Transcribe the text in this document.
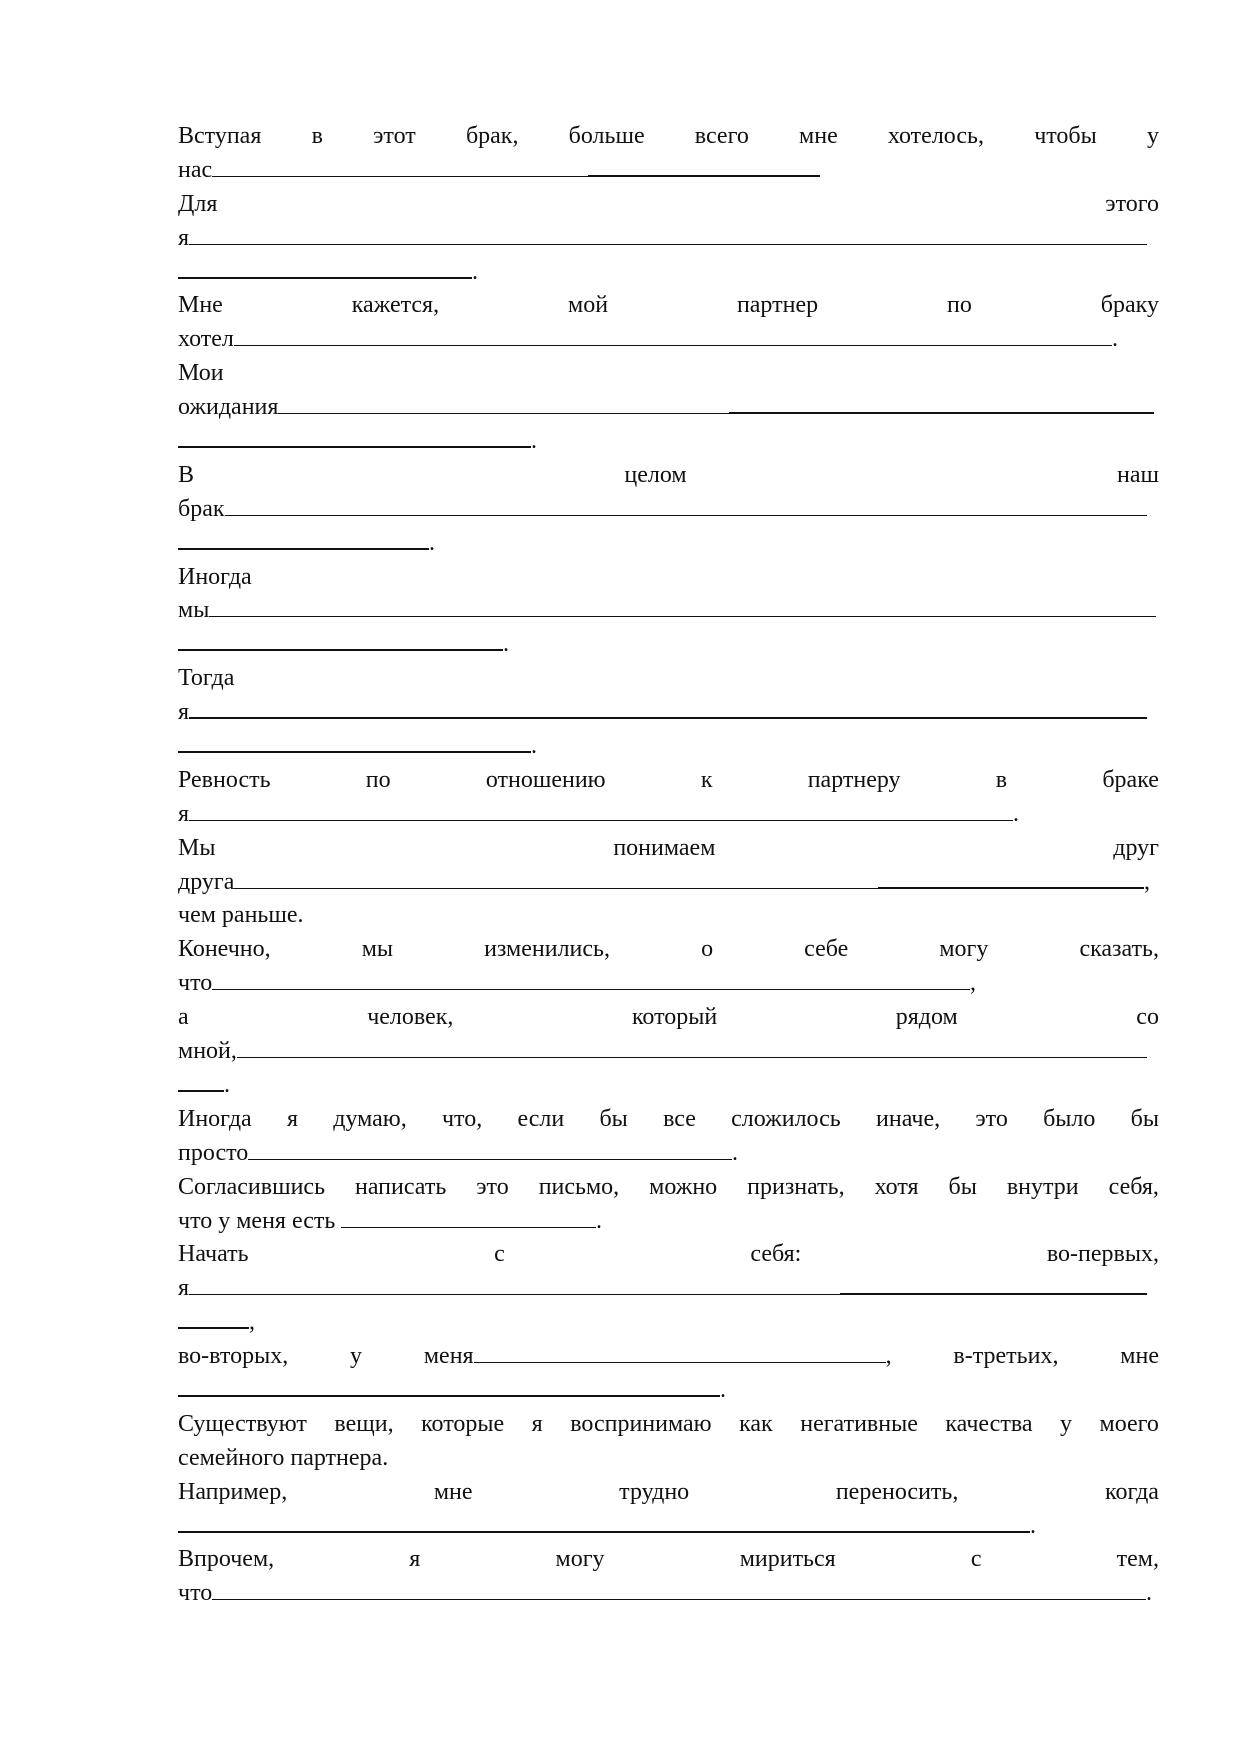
Вступая в этот брак, больше всего мне хотелось, чтобы у
нас
Для	этого
я
.
Мне	кажется,	мой	партнер	по	браку
хотел	.
Мои
ожидания
.
В	целом	наш
брак
.
Иногда
мы
.
Тогда
я
.
Ревность	по	отношению	к	партнеру	в	браке
я	.
Мы	понимаем	друг
друга	,
чем раньше.
Конечно,	мы	изменились,	о	себе	могу	сказать,
что	,
а	человек,	который	рядом	со
мной,
.
Иногда я думаю, что, если бы все сложилось иначе, это было бы
просто	.
Согласившись написать это письмо, можно признать, хотя бы внутри себя,
что у меня есть	.
Начать	с	себя:	во-первых,
я
,
во-вторых,	у	меня	,	в-третьих,	мне
.
Существуют вещи, которые я воспринимаю как негативные качества у моего
семейного партнера.
Например,	мне	трудно	переносить,	когда
.
Впрочем,	я	могу	мириться	с	тем,
что	.
